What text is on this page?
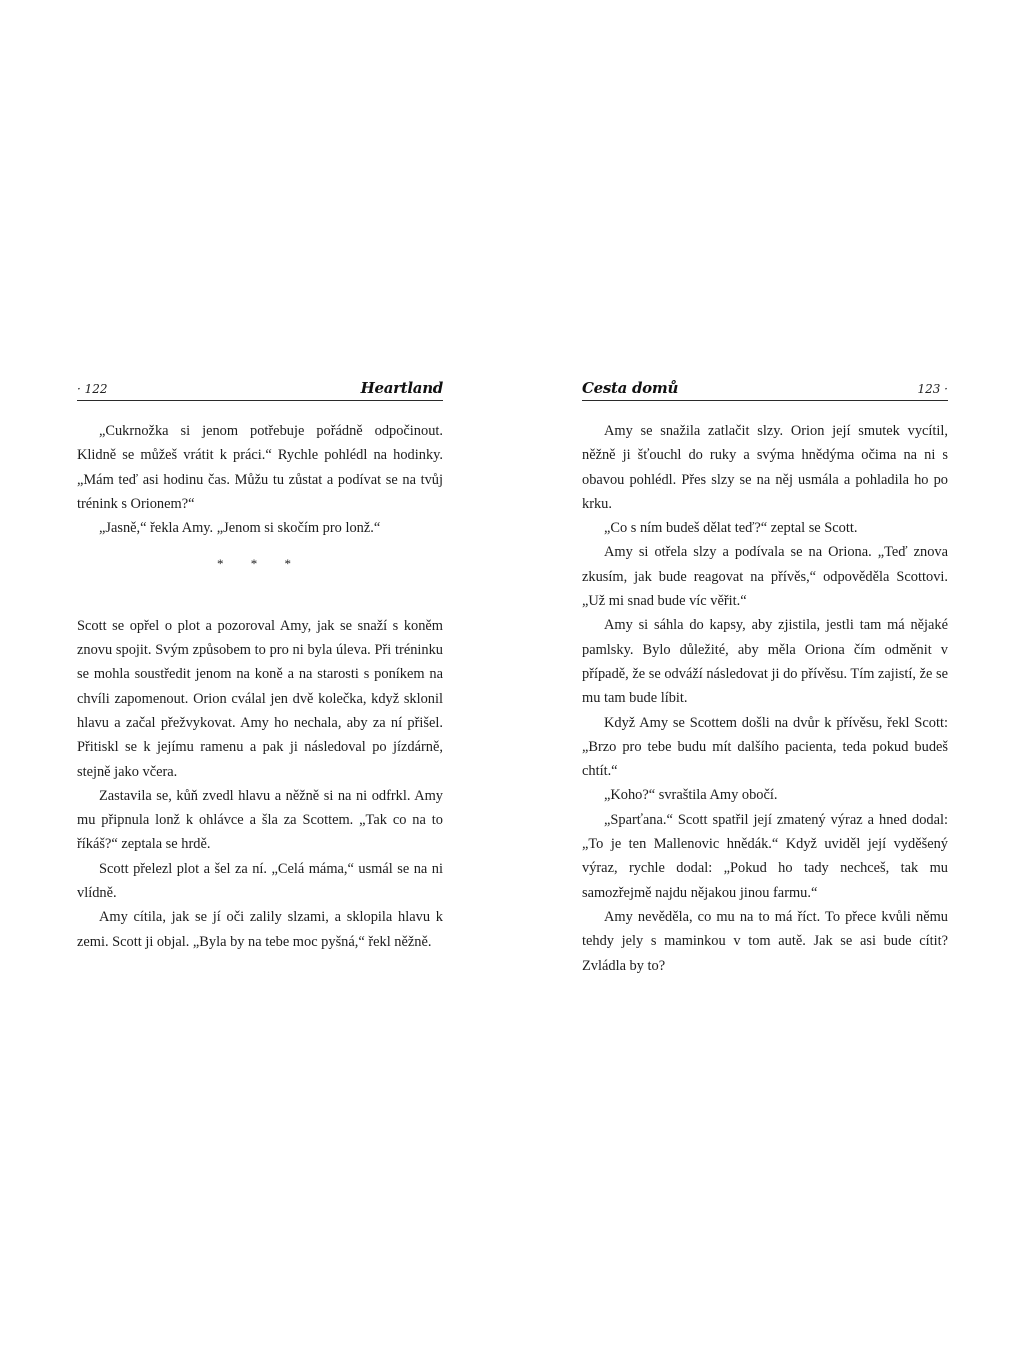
· 122	Heartland

„Cukrnožka si jenom potřebuje pořádně odpočinout. Klidně se můžeš vrátit k práci.“ Rychle pohlédl na hodinky. „Mám teď asi hodinu čas. Můžu tu zůstat a podívat se na tvůj trénink s Orionem?“

„Jasně,“ řekla Amy. „Jenom si skočím pro lonž.“

* * *

Scott se opřel o plot a pozoroval Amy, jak se snaží s koněm znovu spojit. Svým způsobem to pro ni byla úleva. Při tréninku se mohla soustředit jenom na koně a na starosti s poníkem na chvíli zapomenout. Orion cválal jen dvě kolečka, když sklonil hlavu a začal přežvykovat. Amy ho nechala, aby za ní přišel. Přitiskl se k jejímu ramenu a pak ji následoval po jízdárně, stejně jako včera.

Zastavila se, kůň zvedl hlavu a něžně si na ni odfrkl. Amy mu připnula lonž k ohlávce a šla za Scottem. „Tak co na to říkáš?“ zeptala se hrdě.

Scott přelezl plot a šel za ní. „Celá máma,“ usmál se na ni vlídně.

Amy cítila, jak se jí oči zalily slzami, a sklopila hlavu k zemi. Scott ji objal. „Byla by na tebe moc pyšná,“ řekl něžně.

Cesta domů	123 ·

Amy se snažila zatlačit slzy. Orion její smutek vycítil, něžně ji šťouchl do ruky a svýma hnědýma očima na ni s obavou pohlédl. Přes slzy se na něj usmála a pohladila ho po krku.

„Co s ním budeš dělat teď?“ zeptal se Scott.

Amy si otřela slzy a podívala se na Oriona. „Teď znova zkusím, jak bude reagovat na přívěs,“ odpověděla Scottovi. „Už mi snad bude víc věřit.“

Amy si sáhla do kapsy, aby zjistila, jestli tam má nějaké pamlsky. Bylo důležité, aby měla Oriona čím odměnit v případě, že se odváží následovat ji do přívěsu. Tím zajistí, že se mu tam bude líbit.

Když Amy se Scottem došli na dvůr k přívěsu, řekl Scott: „Brzo pro tebe budu mít dalšího pacienta, teda pokud budeš chtít.“

„Koho?“ svraštila Amy obočí.

„Sparťana.“ Scott spatřil její zmatený výraz a hned dodal: „To je ten Mallenovic hnědák.“ Když uviděl její vyděšený výraz, rychle dodal: „Pokud ho tady nechceš, tak mu samozřejmě najdu nějakou jinou farmu.“

Amy nevěděla, co mu na to má říct. To přece kvůli němu tehdy jely s maminkou v tom autě. Jak se asi bude cítit? Zvládla by to?
